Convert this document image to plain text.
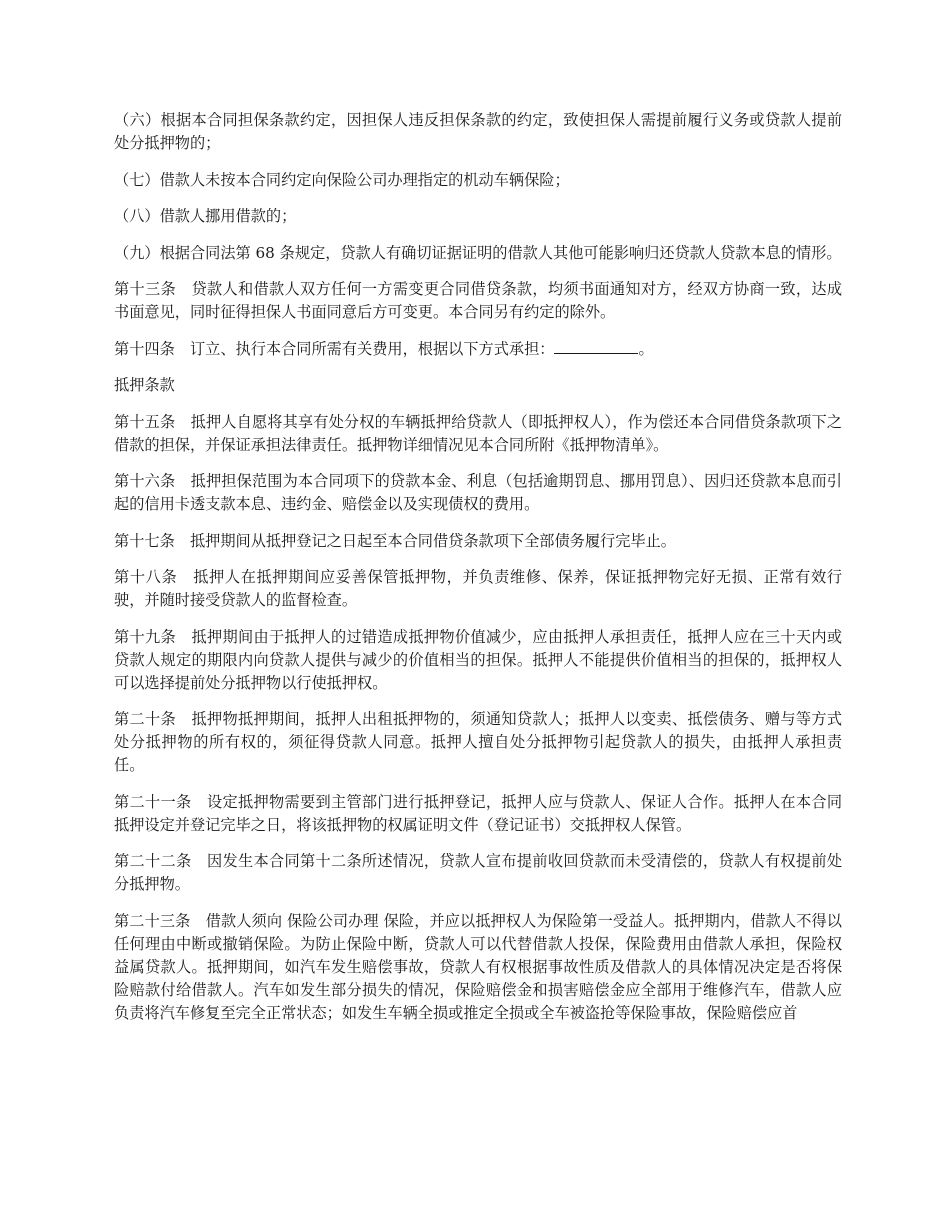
（六）根据本合同担保条款约定，因担保人违反担保条款的约定，致使担保人需提前履行义务或贷款人提前处分抵押物的；

（七）借款人未按本合同约定向保险公司办理指定的机动车辆保险；

（八）借款人挪用借款的；

（九）根据合同法第 68 条规定，贷款人有确切证据证明的借款人其他可能影响归还贷款人贷款本息的情形。

第十三条　贷款人和借款人双方任何一方需变更合同借贷条款，均须书面通知对方，经双方协商一致，达成书面意见，同时征得担保人书面同意后方可变更。本合同另有约定的除外。

第十四条　订立、执行本合同所需有关费用，根据以下方式承担：	。

抵押条款

第十五条　抵押人自愿将其享有处分权的车辆抵押给贷款人（即抵押权人），作为偿还本合同借贷条款项下之借款的担保，并保证承担法律责任。抵押物详细情况见本合同所附《抵押物清单》。

第十六条　抵押担保范围为本合同项下的贷款本金、利息（包括逾期罚息、挪用罚息）、因归还贷款本息而引起的信用卡透支款本息、违约金、赔偿金以及实现债权的费用。

第十七条　抵押期间从抵押登记之日起至本合同借贷条款项下全部债务履行完毕止。

第十八条　抵押人在抵押期间应妥善保管抵押物，并负责维修、保养，保证抵押物完好无损、正常有效行驶，并随时接受贷款人的监督检查。

第十九条　抵押期间由于抵押人的过错造成抵押物价值减少，应由抵押人承担责任，抵押人应在三十天内或贷款人规定的期限内向贷款人提供与减少的价值相当的担保。抵押人不能提供价值相当的担保的，抵押权人可以选择提前处分抵押物以行使抵押权。

第二十条　抵押物抵押期间，抵押人出租抵押物的，须通知贷款人；抵押人以变卖、抵偿债务、赠与等方式处分抵押物的所有权的，须征得贷款人同意。抵押人擅自处分抵押物引起贷款人的损失，由抵押人承担责任。

第二十一条　设定抵押物需要到主管部门进行抵押登记，抵押人应与贷款人、保证人合作。抵押人在本合同抵押设定并登记完毕之日，将该抵押物的权属证明文件（登记证书）交抵押权人保管。

第二十二条　因发生本合同第十二条所述情况，贷款人宣布提前收回贷款而未受清偿的，贷款人有权提前处分抵押物。

第二十三条　借款人须向 保险公司办理 保险，并应以抵押权人为保险第一受益人。抵押期内，借款人不得以任何理由中断或撤销保险。为防止保险中断，贷款人可以代替借款人投保，保险费用由借款人承担，保险权益属贷款人。抵押期间，如汽车发生赔偿事故，贷款人有权根据事故性质及借款人的具体情况决定是否将保险赔款付给借款人。汽车如发生部分损失的情况，保险赔偿金和损害赔偿金应全部用于维修汽车，借款人应负责将汽车修复至完全正常状态；如发生车辆全损或推定全损或全车被盗抢等保险事故，保险赔偿应首
